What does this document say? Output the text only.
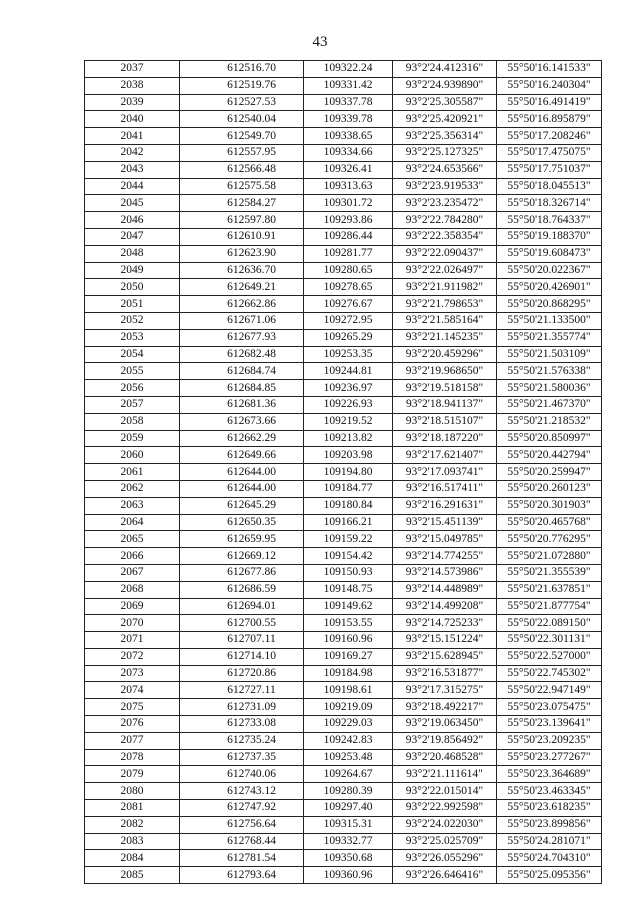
43
2037	612516.70	109322.24	93°2'24.412316"	55°50'16.141533"
2038	612519.76	109331.42	93°2'24.939890"	55°50'16.240304"
2039	612527.53	109337.78	93°2'25.305587"	55°50'16.491419"
2040	612540.04	109339.78	93°2'25.420921"	55°50'16.895879"
2041	612549.70	109338.65	93°2'25.356314"	55°50'17.208246"
2042	612557.95	109334.66	93°2'25.127325"	55°50'17.475075"
2043	612566.48	109326.41	93°2'24.653566"	55°50'17.751037"
2044	612575.58	109313.63	93°2'23.919533"	55°50'18.045513"
2045	612584.27	109301.72	93°2'23.235472"	55°50'18.326714"
2046	612597.80	109293.86	93°2'22.784280"	55°50'18.764337"
2047	612610.91	109286.44	93°2'22.358354"	55°50'19.188370"
2048	612623.90	109281.77	93°2'22.090437"	55°50'19.608473"
2049	612636.70	109280.65	93°2'22.026497"	55°50'20.022367"
2050	612649.21	109278.65	93°2'21.911982"	55°50'20.426901"
2051	612662.86	109276.67	93°2'21.798653"	55°50'20.868295"
2052	612671.06	109272.95	93°2'21.585164"	55°50'21.133500"
2053	612677.93	109265.29	93°2'21.145235"	55°50'21.355774"
2054	612682.48	109253.35	93°2'20.459296"	55°50'21.503109"
2055	612684.74	109244.81	93°2'19.968650"	55°50'21.576338"
2056	612684.85	109236.97	93°2'19.518158"	55°50'21.580036"
2057	612681.36	109226.93	93°2'18.941137"	55°50'21.467370"
2058	612673.66	109219.52	93°2'18.515107"	55°50'21.218532"
2059	612662.29	109213.82	93°2'18.187220"	55°50'20.850997"
2060	612649.66	109203.98	93°2'17.621407"	55°50'20.442794"
2061	612644.00	109194.80	93°2'17.093741"	55°50'20.259947"
2062	612644.00	109184.77	93°2'16.517411"	55°50'20.260123"
2063	612645.29	109180.84	93°2'16.291631"	55°50'20.301903"
2064	612650.35	109166.21	93°2'15.451139"	55°50'20.465768"
2065	612659.95	109159.22	93°2'15.049785"	55°50'20.776295"
2066	612669.12	109154.42	93°2'14.774255"	55°50'21.072880"
2067	612677.86	109150.93	93°2'14.573986"	55°50'21.355539"
2068	612686.59	109148.75	93°2'14.448989"	55°50'21.637851"
2069	612694.01	109149.62	93°2'14.499208"	55°50'21.877754"
2070	612700.55	109153.55	93°2'14.725233"	55°50'22.089150"
2071	612707.11	109160.96	93°2'15.151224"	55°50'22.301131"
2072	612714.10	109169.27	93°2'15.628945"	55°50'22.527000"
2073	612720.86	109184.98	93°2'16.531877"	55°50'22.745302"
2074	612727.11	109198.61	93°2'17.315275"	55°50'22.947149"
2075	612731.09	109219.09	93°2'18.492217"	55°50'23.075475"
2076	612733.08	109229.03	93°2'19.063450"	55°50'23.139641"
2077	612735.24	109242.83	93°2'19.856492"	55°50'23.209235"
2078	612737.35	109253.48	93°2'20.468528"	55°50'23.277267"
2079	612740.06	109264.67	93°2'21.111614"	55°50'23.364689"
2080	612743.12	109280.39	93°2'22.015014"	55°50'23.463345"
2081	612747.92	109297.40	93°2'22.992598"	55°50'23.618235"
2082	612756.64	109315.31	93°2'24.022030"	55°50'23.899856"
2083	612768.44	109332.77	93°2'25.025709"	55°50'24.281071"
2084	612781.54	109350.68	93°2'26.055296"	55°50'24.704310"
2085	612793.64	109360.96	93°2'26.646416"	55°50'25.095356"
